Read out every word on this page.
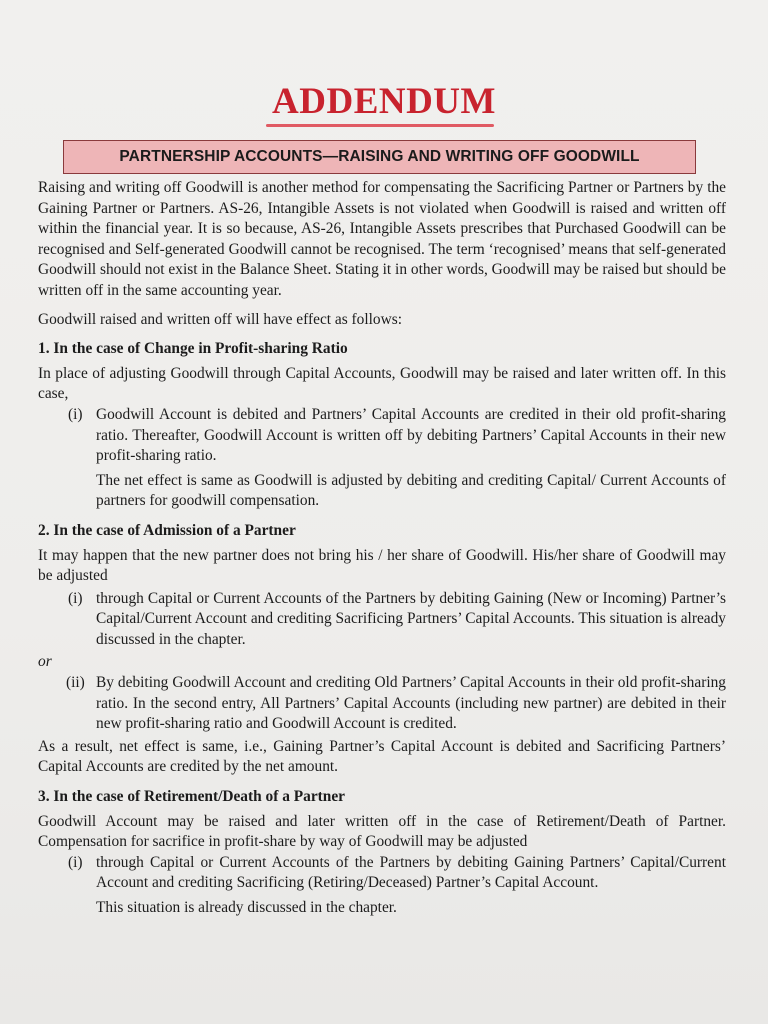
ADDENDUM
PARTNERSHIP ACCOUNTS—RAISING AND WRITING OFF GOODWILL

Raising and writing off Goodwill is another method for compensating the Sacrificing Partner or Partners by the Gaining Partner or Partners. AS-26, Intangible Assets is not violated when Goodwill is raised and written off within the financial year. It is so because, AS-26, Intangible Assets prescribes that Purchased Goodwill can be recognised and Self-generated Goodwill cannot be recognised. The term ‘recognised’ means that self-generated Goodwill should not exist in the Balance Sheet. Stating it in other words, Goodwill may be raised but should be written off in the same accounting year.

Goodwill raised and written off will have effect as follows:

1. In the case of Change in Profit-sharing Ratio

In place of adjusting Goodwill through Capital Accounts, Goodwill may be raised and later written off. In this case,

(i) Goodwill Account is debited and Partners’ Capital Accounts are credited in their old profit-sharing ratio. Thereafter, Goodwill Account is written off by debiting Partners’ Capital Accounts in their new profit-sharing ratio.

The net effect is same as Goodwill is adjusted by debiting and crediting Capital/ Current Accounts of partners for goodwill compensation.

2. In the case of Admission of a Partner

It may happen that the new partner does not bring his / her share of Goodwill. His/her share of Goodwill may be adjusted

(i) through Capital or Current Accounts of the Partners by debiting Gaining (New or Incoming) Partner’s Capital/Current Account and crediting Sacrificing Partners’ Capital Accounts. This situation is already discussed in the chapter.

or

(ii) By debiting Goodwill Account and crediting Old Partners’ Capital Accounts in their old profit-sharing ratio. In the second entry, All Partners’ Capital Accounts (including new partner) are debited in their new profit-sharing ratio and Goodwill Account is credited.

As a result, net effect is same, i.e., Gaining Partner’s Capital Account is debited and Sacrificing Partners’ Capital Accounts are credited by the net amount.

3. In the case of Retirement/Death of a Partner

Goodwill Account may be raised and later written off in the case of Retirement/Death of Partner. Compensation for sacrifice in profit-share by way of Goodwill may be adjusted

(i) through Capital or Current Accounts of the Partners by debiting Gaining Partners’ Capital/Current Account and crediting Sacrificing (Retiring/Deceased) Partner’s Capital Account.

This situation is already discussed in the chapter.
